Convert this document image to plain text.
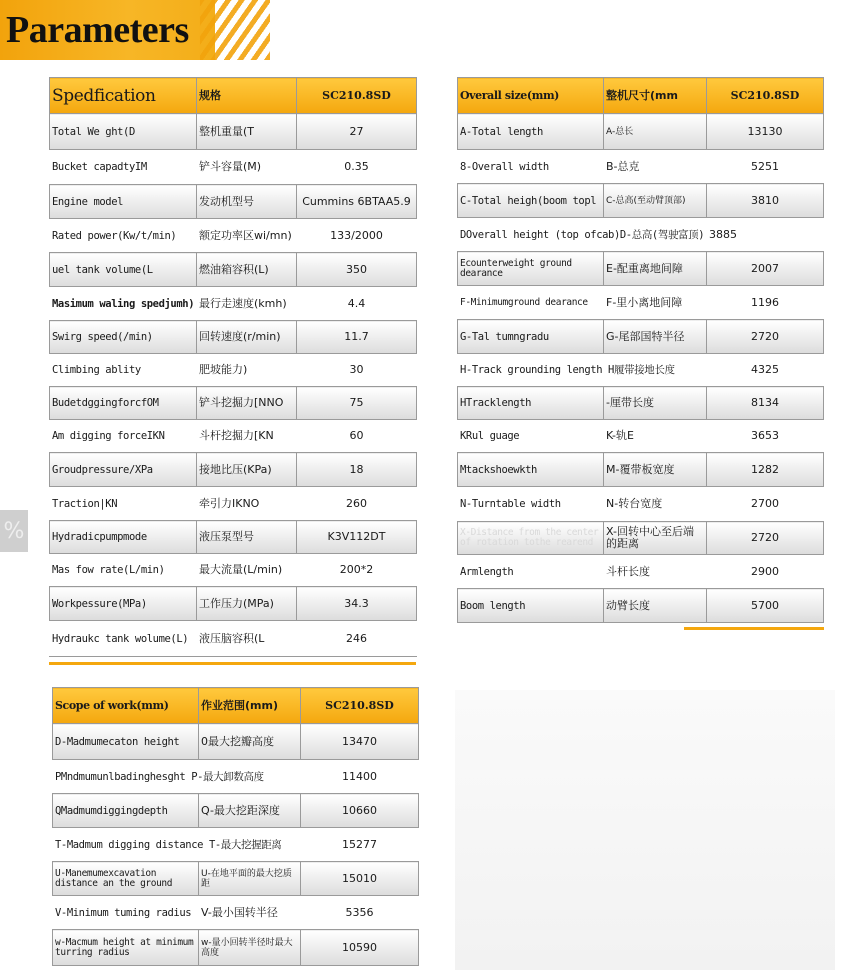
Parameters
%
Spedfication	规格	SC210.8SD
Total We ght(D	整机重量(T	27
Bucket capadtyIM	铲斗容量(M)	0.35
Engine model	发动机型号	Cummins 6BTAA5.9
Rated power(Kw/t/min)	额定功率区wi/mn)	133/2000
uel tank volume(L	燃油箱容积(L)	350
Masimum waling spedjumh)	最行走速度(kmh)	4.4
Swirg speed(/min)	回转速度(r/min)	11.7
Climbing ablity	肥坡能力)	30
BudetdggingforcfOM	铲斗挖掘力[NNO	75
Am digging forceIKN	斗杆挖掘力[KN	60
Groudpressure/XPa	接地比压(KPa)	18
Traction|KN	牵引力IKNO	260
Hydradicpumpmode	液压泵型号	K3V112DT
Mas fow rate(L/min)	最大流量(L/min)	200*2
Workpessure(MPa)	工作压力(MPa)	34.3
Hydraukc tank wolume(L)	液压脑容积(L	246
Overall size(mm)	整机尺寸(mm	SC210.8SD
A-Total length	A-总长	13130
8-Overall width	B-总克	5251
C-Total heigh(boom topl	C-总高(至动臂顶部)	3810
DOverall height (top ofcab)D-总高(驾驶富顶)		3885
Ecounterweight ground dearance	E-配重离地间障	2007
F-Minimumground dearance	F-里小离地间障	1196
G-Tal tumngradu	G-尾部国特半径	2720
H-Track grounding length H履带接地长度		4325
HTracklength	-厘带长度	8134
KRul guage	K-轨E	3653
Mtackshoewkth	M-覆带板宽度	1282
N-Turntable width	N-转台宽度	2700
X-Distance from the center of rotation tothe rearend	X-回转中心至后端的距离	2720
Armlength	斗杆长度	2900
Boom length	动臂长度	5700
Scope of work(mm)	作业范围(mm)	SC210.8SD
D-Madmumecaton height	0最大挖瓣高度	13470
PMndmumunlbadinghesght P-最大卸数高度		11400
QMadmumdiggingdepth	Q-最大挖距深度	10660
T-Madmum digging distance T-最大挖握距离		15277
U-Manemumexcavation distance an the ground	U-在地平面的最大挖质距	15010
V-Minimum tuming radius	V-最小国转半径	5356
w-Macmum height at minimum turring radius	w-量小回转半径时最大高度	10590
